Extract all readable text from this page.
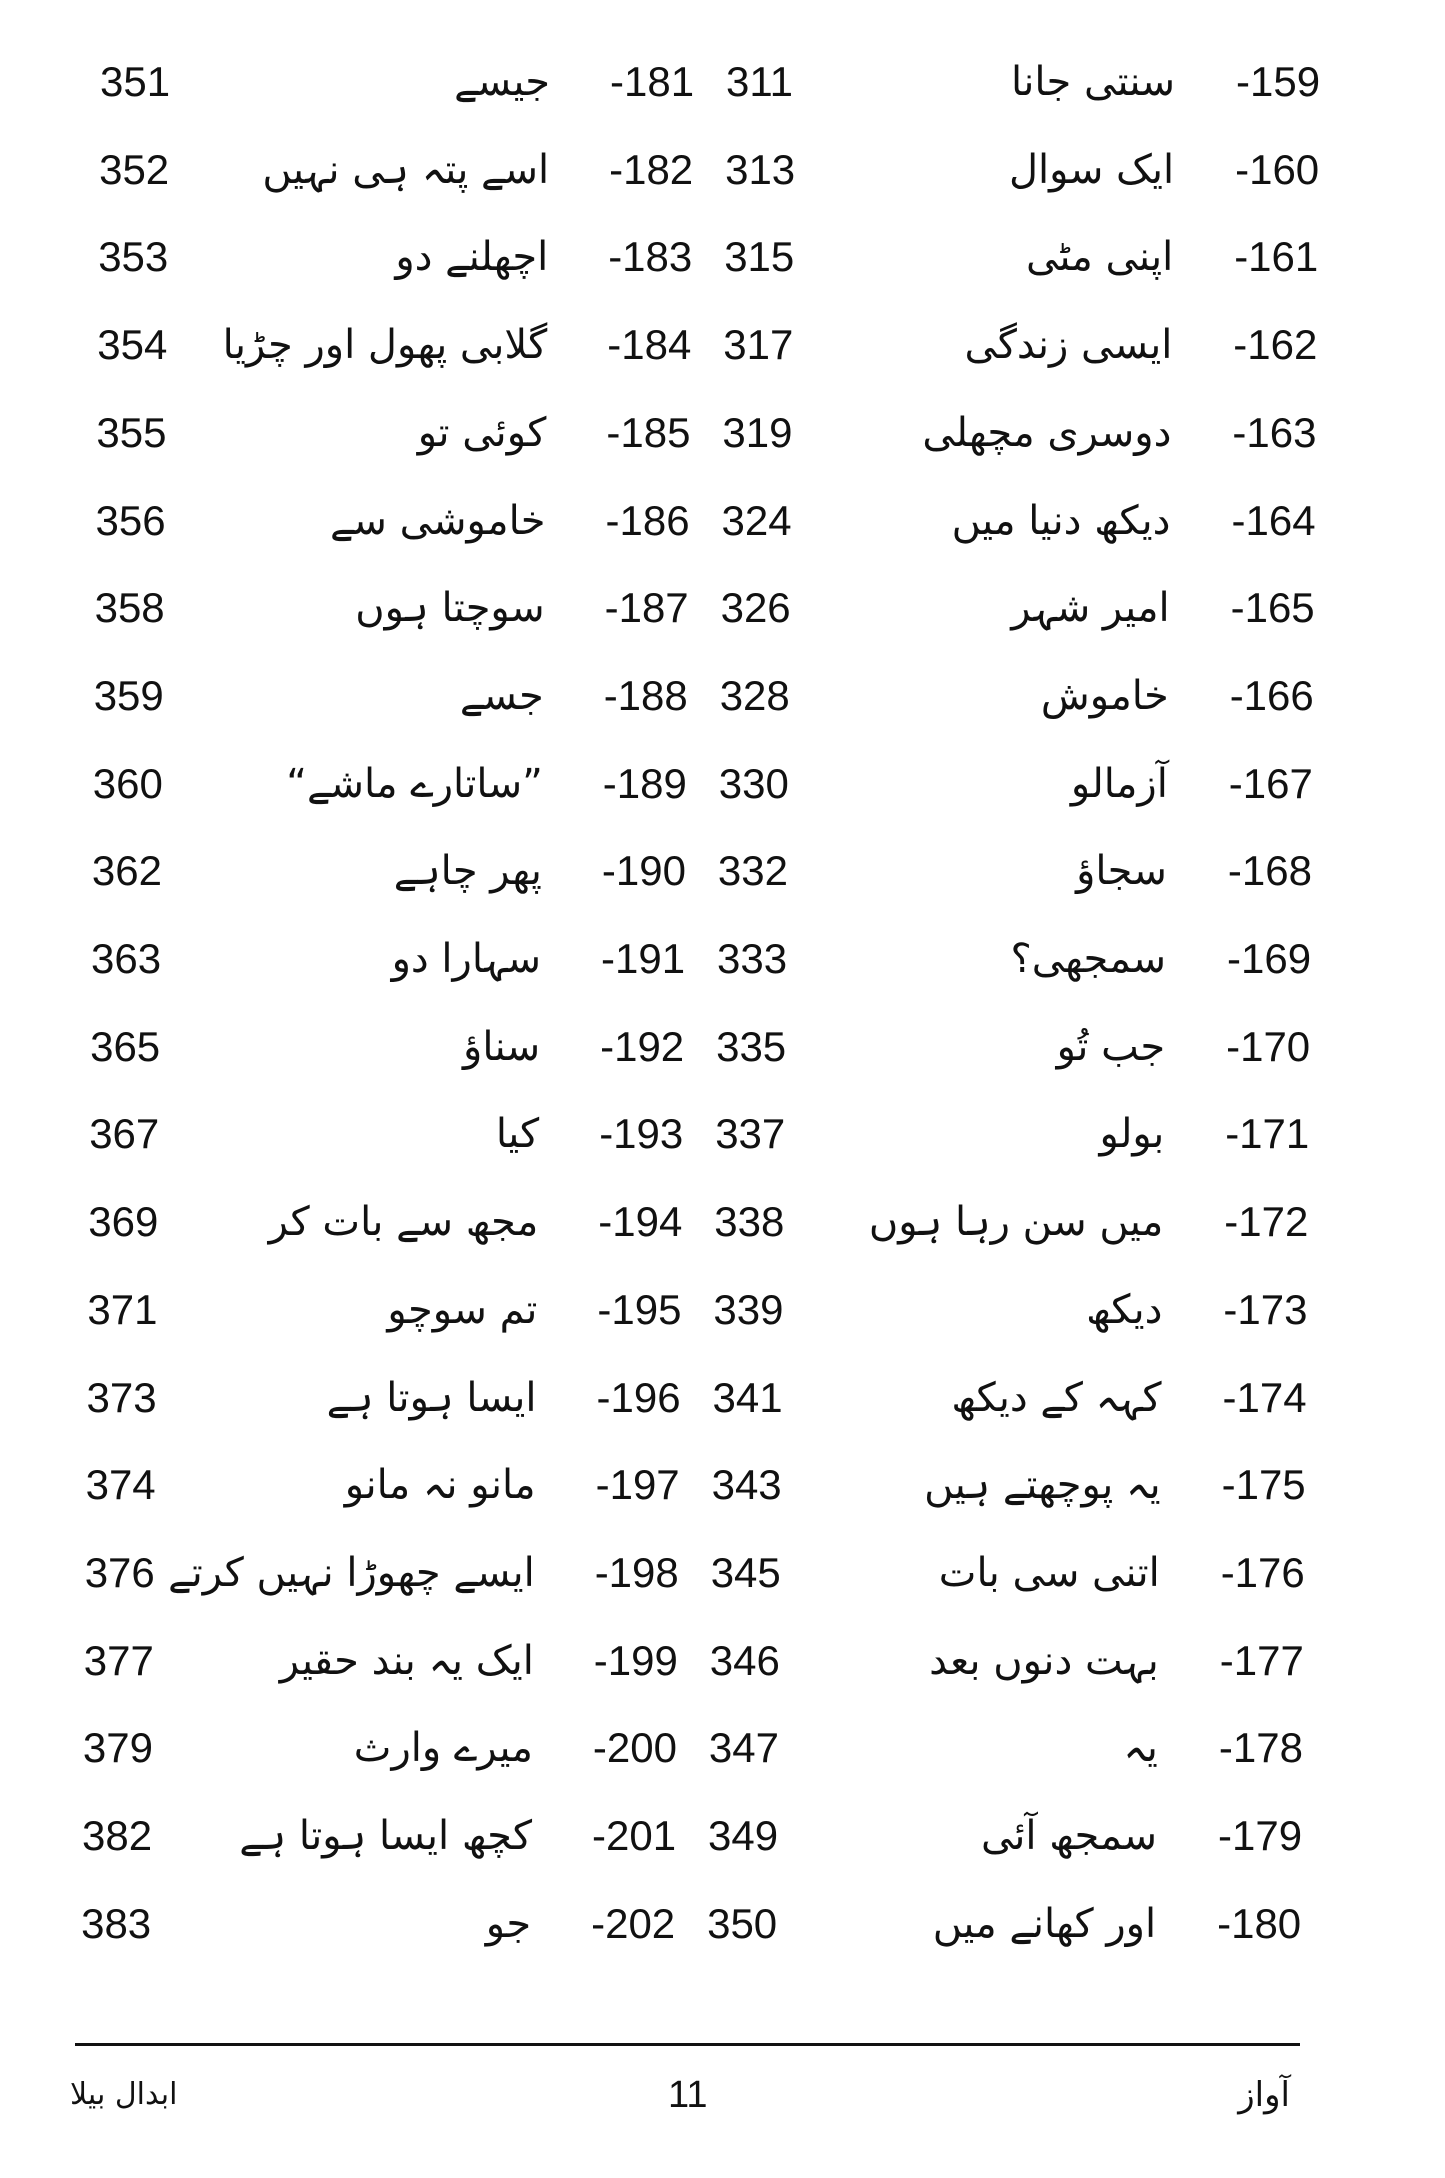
-159
سنتی جانا
311
-160
ایک سوال
313
-161
اپنی مٹی
315
-162
ایسی زندگی
317
-163
دوسری مچھلی
319
-164
دیکھ دنیا میں
324
-165
امیر شہر
326
-166
خاموش
328
-167
آزمالو
330
-168
سجاؤ
332
-169
سمجھی؟
333
-170
جب تُو
335
-171
بولو
337
-172
میں سن رہا ہوں
338
-173
دیکھ
339
-174
کہہ کے دیکھ
341
-175
یہ پوچھتے ہیں
343
-176
اتنی سی بات
345
-177
بہت دنوں بعد
346
-178
یہ
347
-179
سمجھ آئی
349
-180
اور کھانے میں
350
-181
جیسے
351
-182
اسے پتہ ہی نہیں
352
-183
اچھلنے دو
353
-184
گلابی پھول اور چڑیا
354
-185
کوئی تو
355
-186
خاموشی سے
356
-187
سوچتا ہوں
358
-188
جسے
359
-189
”ساتارے ماشے“
360
-190
پھر چاہے
362
-191
سہارا دو
363
-192
سناؤ
365
-193
کیا
367
-194
مجھ سے بات کر
369
-195
تم سوچو
371
-196
ایسا ہوتا ہے
373
-197
مانو نہ مانو
374
-198
ایسے چھوڑا نہیں کرتے
376
-199
ایک یہ بند حقیر
377
-200
میرے وارث
379
-201
کچھ ایسا ہوتا ہے
382
-202
جو
383
آواز
11
ابدال بیلا
